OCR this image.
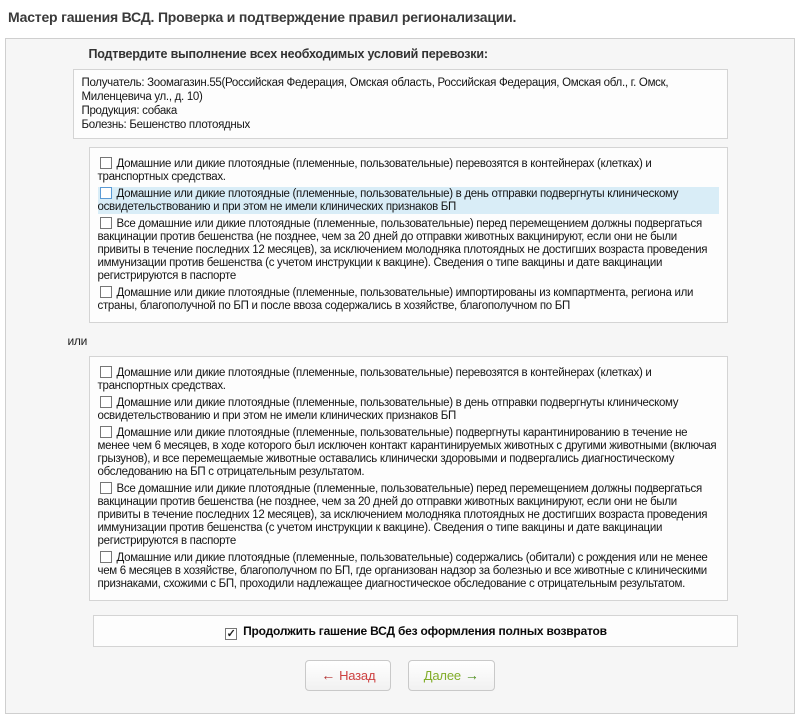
Мастер гашения ВСД. Проверка и подтверждение правил регионализации.
Подтвердите выполнение всех необходимых условий перевозки:
Получатель: Зоомагазин.55(Российская Федерация, Омская область, Российская Федерация, Омская обл., г. Омск, Миленцевича ул., д. 10)
Продукция: собака
Болезнь: Бешенство плотоядных
Домашние или дикие плотоядные (племенные, пользовательные) перевозятся в контейнерах (клетках) и транспортных средствах.
Домашние или дикие плотоядные (племенные, пользовательные) в день отправки подвергнуты клиническому освидетельствованию и при этом не имели клинических признаков БП
Все домашние или дикие плотоядные (племенные, пользовательные) перед перемещением должны подвергаться вакцинации против бешенства (не позднее, чем за 20 дней до отправки животных вакцинируют, если они не были привиты в течение последних 12 месяцев), за исключением молодняка плотоядных не достигших возраста проведения иммунизации против бешенства (с учетом инструкции к вакцине). Сведения о типе вакцины и дате вакцинации регистрируются в паспорте
Домашние или дикие плотоядные (племенные, пользовательные) импортированы из компартмента, региона или страны, благополучной по БП и после ввоза содержались в хозяйстве, благополучном по БП
или
Домашние или дикие плотоядные (племенные, пользовательные) перевозятся в контейнерах (клетках) и транспортных средствах.
Домашние или дикие плотоядные (племенные, пользовательные) в день отправки подвергнуты клиническому освидетельствованию и при этом не имели клинических признаков БП
Домашние или дикие плотоядные (племенные, пользовательные) подвергнуты карантинированию в течение не менее чем 6 месяцев, в ходе которого был исключен контакт карантинируемых животных с другими животными (включая грызунов), и все перемещаемые животные оставались клинически здоровыми и подвергались диагностическому обследованию на БП с отрицательным результатом.
Все домашние или дикие плотоядные (племенные, пользовательные) перед перемещением должны подвергаться вакцинации против бешенства (не позднее, чем за 20 дней до отправки животных вакцинируют, если они не были привиты в течение последних 12 месяцев), за исключением молодняка плотоядных не достигших возраста проведения иммунизации против бешенства (с учетом инструкции к вакцине). Сведения о типе вакцины и дате вакцинации регистрируются в паспорте
Домашние или дикие плотоядные (племенные, пользовательные) содержались (обитали) с рождения или не менее чем 6 месяцев в хозяйстве, благополучном по БП, где организован надзор за болезнью и все животные с клиническими признаками, схожими с БП, проходили надлежащее диагностическое обследование с отрицательным результатом.
✓Продолжить гашение ВСД без оформления полных возвратов
← Назад	Далее →
